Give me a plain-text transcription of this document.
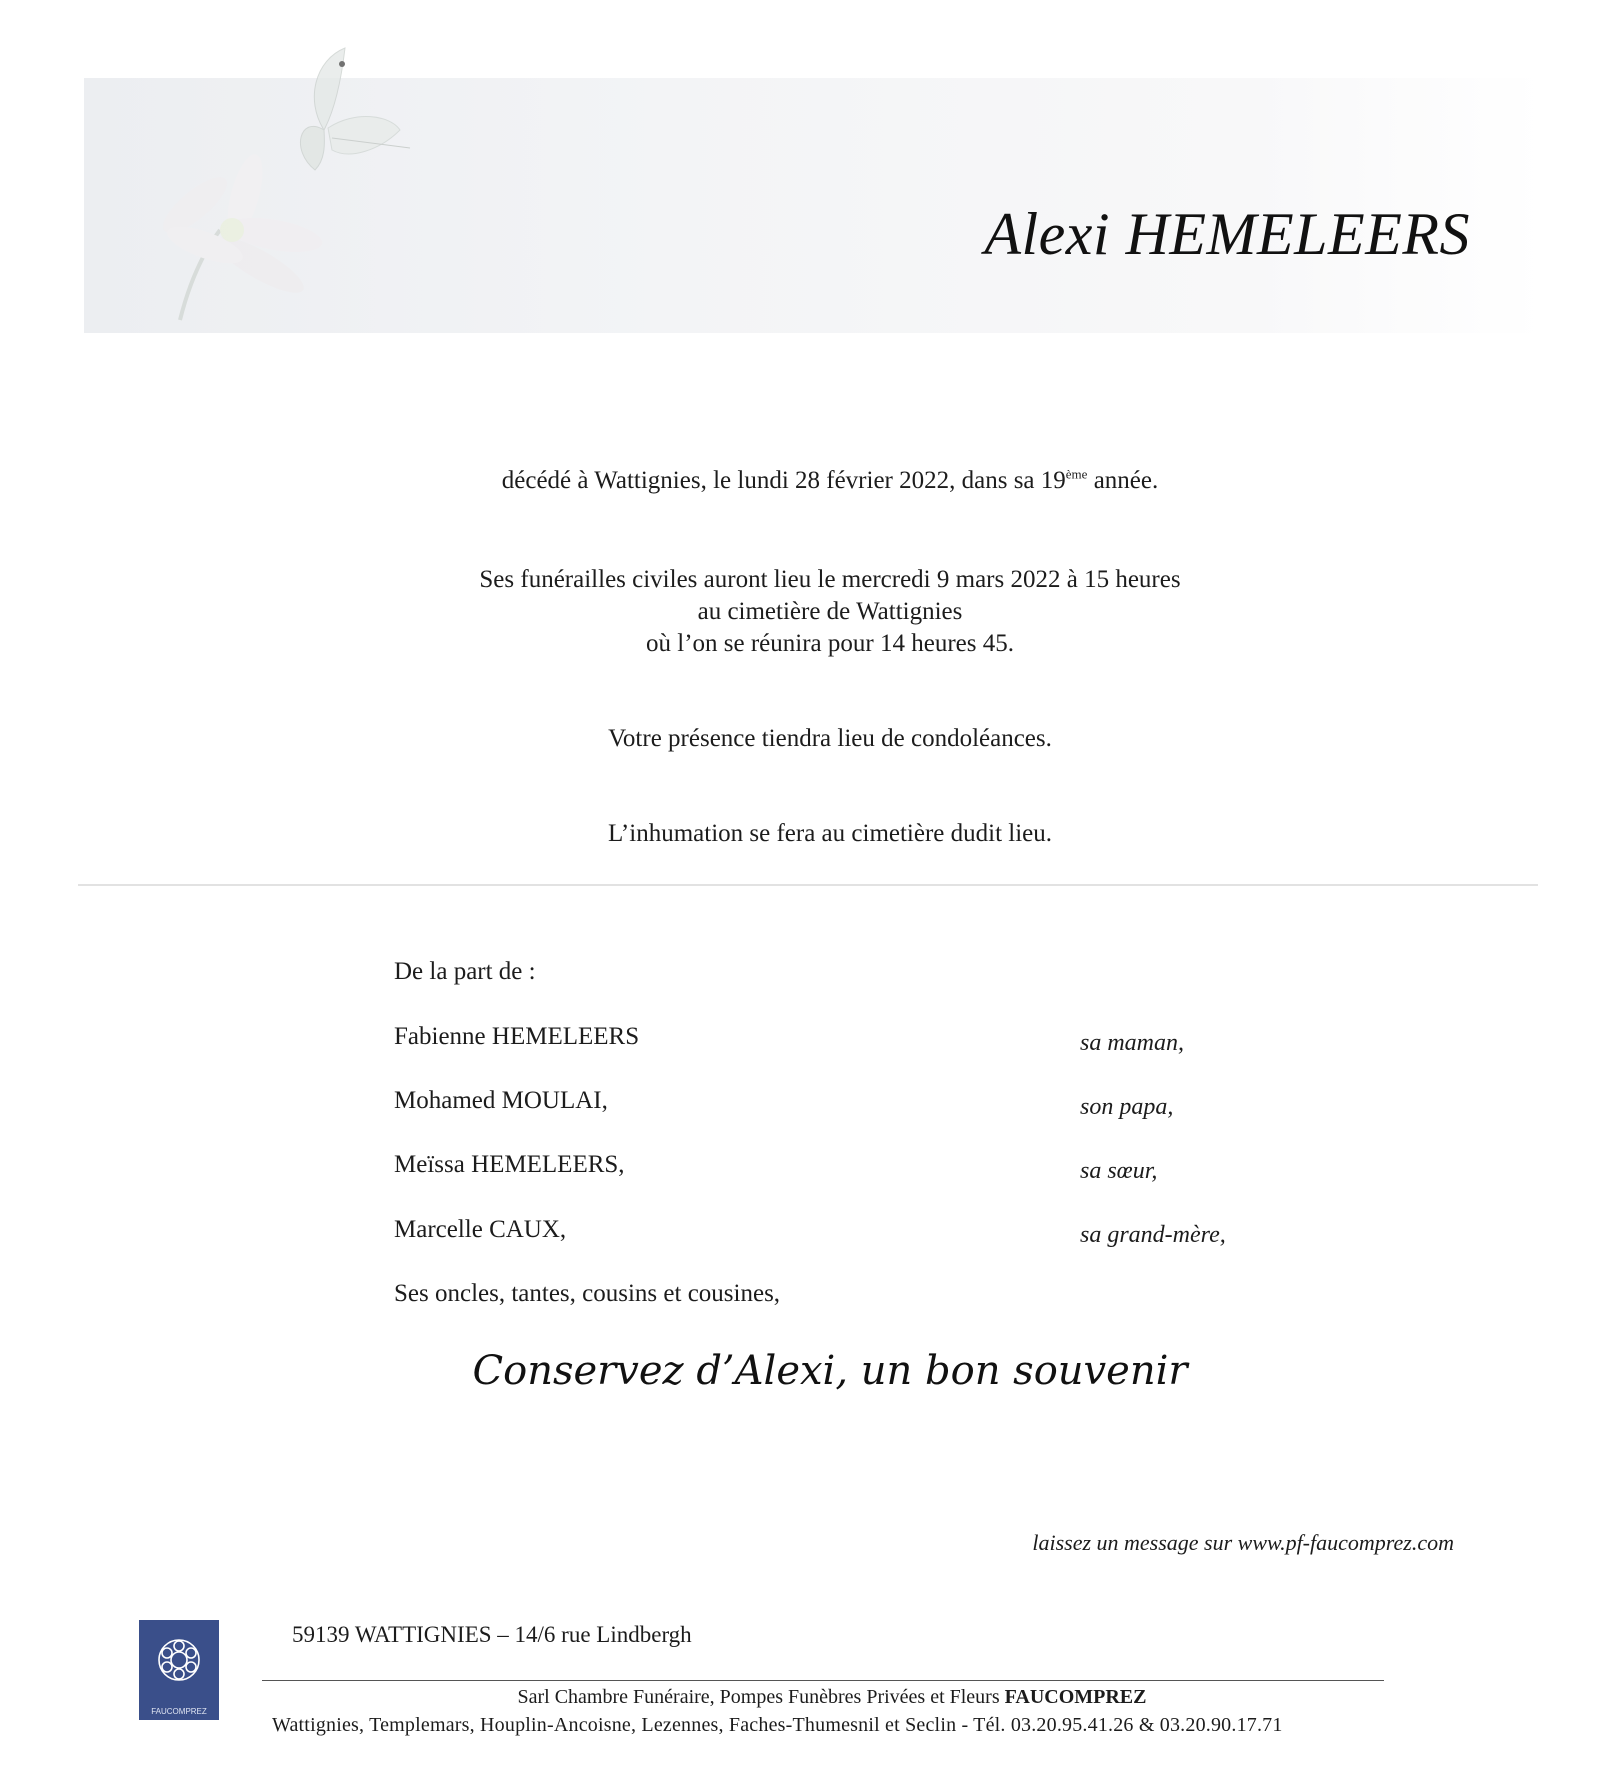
Alexi HEMELEERS
décédé à Wattignies, le lundi 28 février 2022, dans sa 19ème année.
Ses funérailles civiles auront lieu le mercredi 9 mars 2022 à 15 heures
au cimetière de Wattignies
où l’on se réunira pour 14 heures 45.
Votre présence tiendra lieu de condoléances.
L’inhumation se fera au cimetière dudit lieu.
De la part de :
Fabienne HEMELEERS	sa maman,
Mohamed MOULAI,	son papa,
Meïssa HEMELEERS,	sa sœur,
Marcelle CAUX,	sa grand-mère,
Ses oncles, tantes, cousins et cousines,
Conservez d’Alexi, un bon souvenir
laissez un message sur www.pf-faucomprez.com
FAUCOMPREZ
59139 WATTIGNIES – 14/6 rue Lindbergh
Sarl Chambre Funéraire, Pompes Funèbres Privées et Fleurs FAUCOMPREZ
Wattignies, Templemars, Houplin-Ancoisne, Lezennes, Faches-Thumesnil et Seclin - Tél. 03.20.95.41.26 & 03.20.90.17.71
